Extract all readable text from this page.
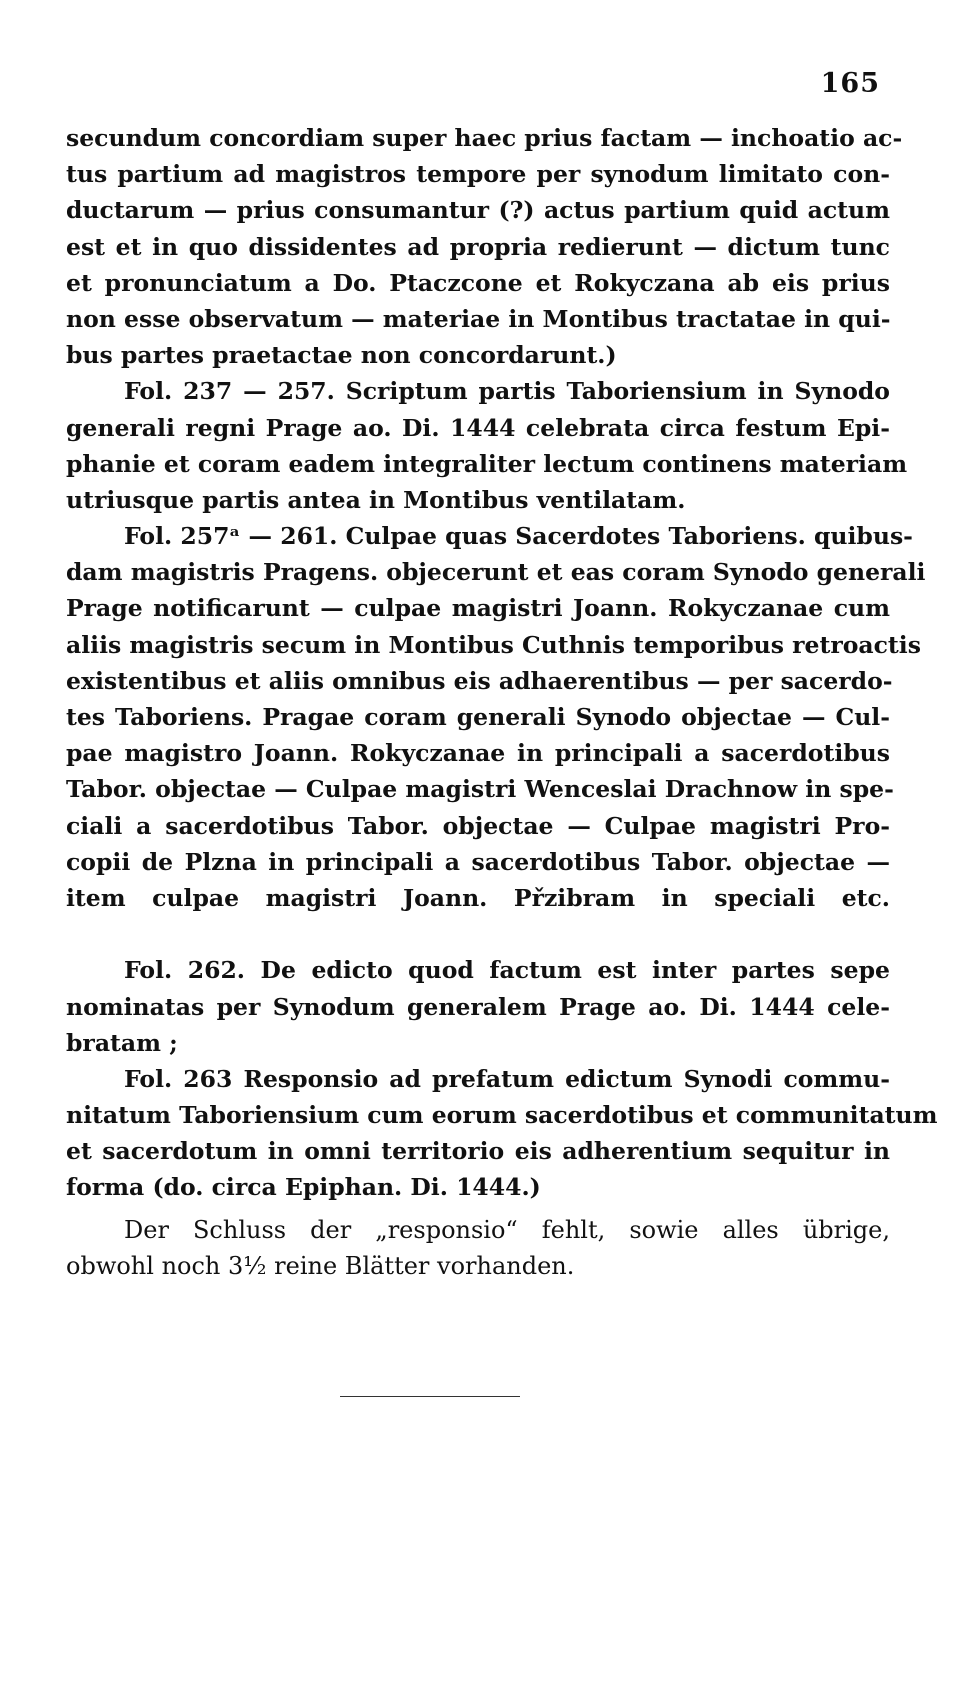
165
secundum concordiam super haec prius factam — inchoatio ac-
tus partium ad magistros tempore per synodum limitato con-
ductarum — prius consumantur (?) actus partium quid actum
est et in quo dissidentes ad propria redierunt — dictum tunc
et pronunciatum a Do. Ptaczcone et Rokyczana ab eis prius
non esse observatum — materiae in Montibus tractatae in qui-
bus partes praetactae non concordarunt.)
Fol. 237 — 257. Scriptum partis Taboriensium in Synodo
generali regni Prage ao. Di. 1444 celebrata circa festum Epi-
phanie et coram eadem integraliter lectum continens materiam
utriusque partis antea in Montibus ventilatam.
Fol. 257ᵃ — 261. Culpae quas Sacerdotes Taboriens. quibus-
dam magistris Pragens. objecerunt et eas coram Synodo generali
Prage notificarunt — culpae magistri Joann. Rokyczanae cum
aliis magistris secum in Montibus Cuthnis temporibus retroactis
existentibus et aliis omnibus eis adhaerentibus — per sacerdo-
tes Taboriens. Pragae coram generali Synodo objectae — Cul-
pae magistro Joann. Rokyczanae in principali a sacerdotibus
Tabor. objectae — Culpae magistri Wenceslai Drachnow in spe-
ciali a sacerdotibus Tabor. objectae — Culpae magistri Pro-
copii de Plzna in principali a sacerdotibus Tabor. objectae —
item culpae magistri Joann. Přzibram in speciali etc.
Fol. 262. De edicto quod factum est inter partes sepe
nominatas per Synodum generalem Prage ao. Di. 1444 cele-
bratam ;
Fol. 263 Responsio ad prefatum edictum Synodi commu-
nitatum Taboriensium cum eorum sacerdotibus et communitatum
et sacerdotum in omni territorio eis adherentium sequitur in
forma (do. circa Epiphan. Di. 1444.)
Der Schluss der „responsio“ fehlt, sowie alles übrige,
obwohl noch 3½ reine Blätter vorhanden.
